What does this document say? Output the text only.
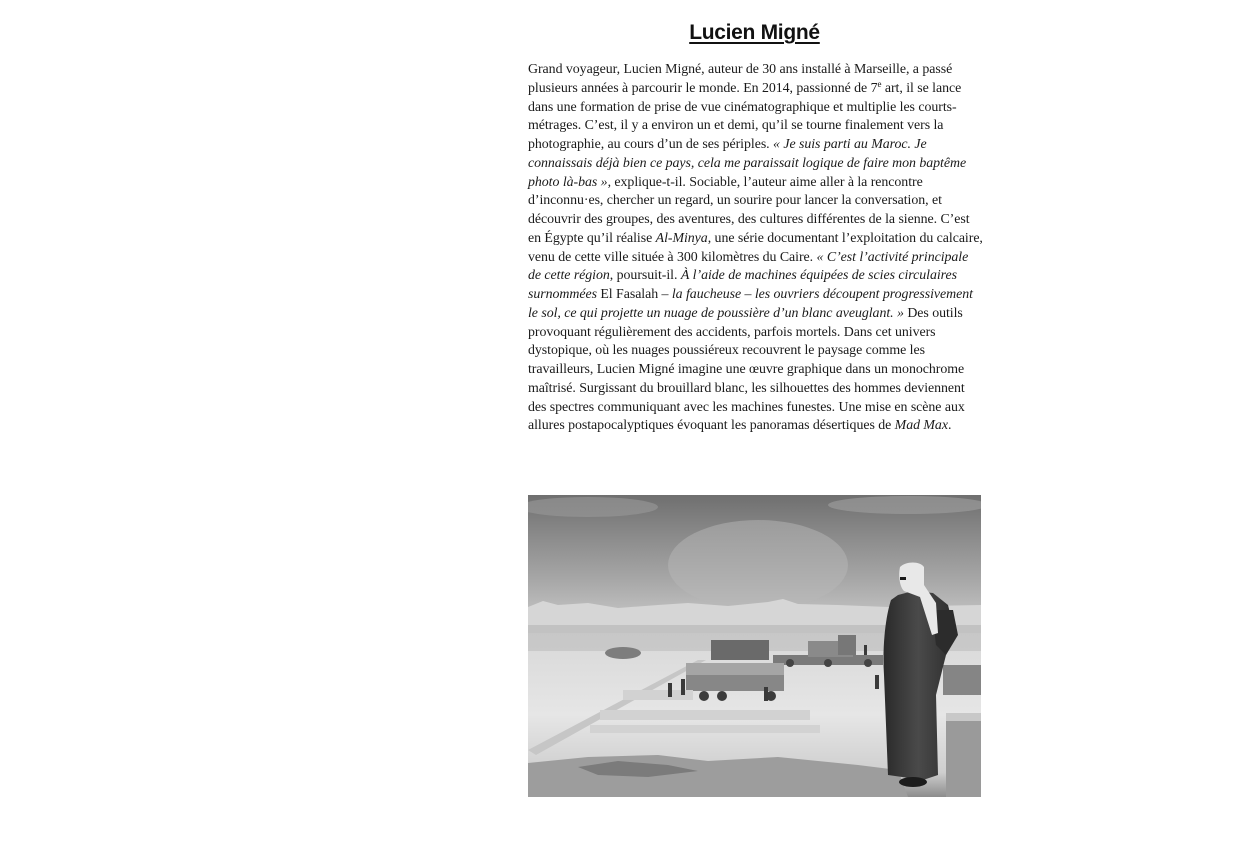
Lucien Migné

Grand voyageur, Lucien Migné, auteur de 30 ans installé à Marseille, a passé plusieurs années à parcourir le monde. En 2014, passionné de 7e art, il se lance dans une formation de prise de vue cinématographique et multiplie les courts-métrages. C’est, il y a environ un et demi, qu’il se tourne finalement vers la photographie, au cours d’un de ses périples. « Je suis parti au Maroc. Je connaissais déjà bien ce pays, cela me paraissait logique de faire mon baptême photo là-bas », explique-t-il. Sociable, l’auteur aime aller à la rencontre d’inconnu·es, chercher un regard, un sourire pour lancer la conversation, et découvrir des groupes, des aventures, des cultures différentes de la sienne. C’est en Égypte qu’il réalise Al-Minya, une série documentant l’exploitation du calcaire, venu de cette ville située à 300 kilomètres du Caire. « C’est l’activité principale de cette région, poursuit-il. À l’aide de machines équipées de scies circulaires surnommées El Fasalah – la faucheuse – les ouvriers découpent progressivement le sol, ce qui projette un nuage de poussière d’un blanc aveuglant. » Des outils provoquant régulièrement des accidents, parfois mortels. Dans cet univers dystopique, où les nuages poussiéreux recouvrent le paysage comme les travailleurs, Lucien Migné imagine une œuvre graphique dans un monochrome maîtrisé. Surgissant du brouillard blanc, les silhouettes des hommes deviennent des spectres communiquant avec les machines funestes. Une mise en scène aux allures postapocalyptiques évoquant les panoramas désertiques de Mad Max.
